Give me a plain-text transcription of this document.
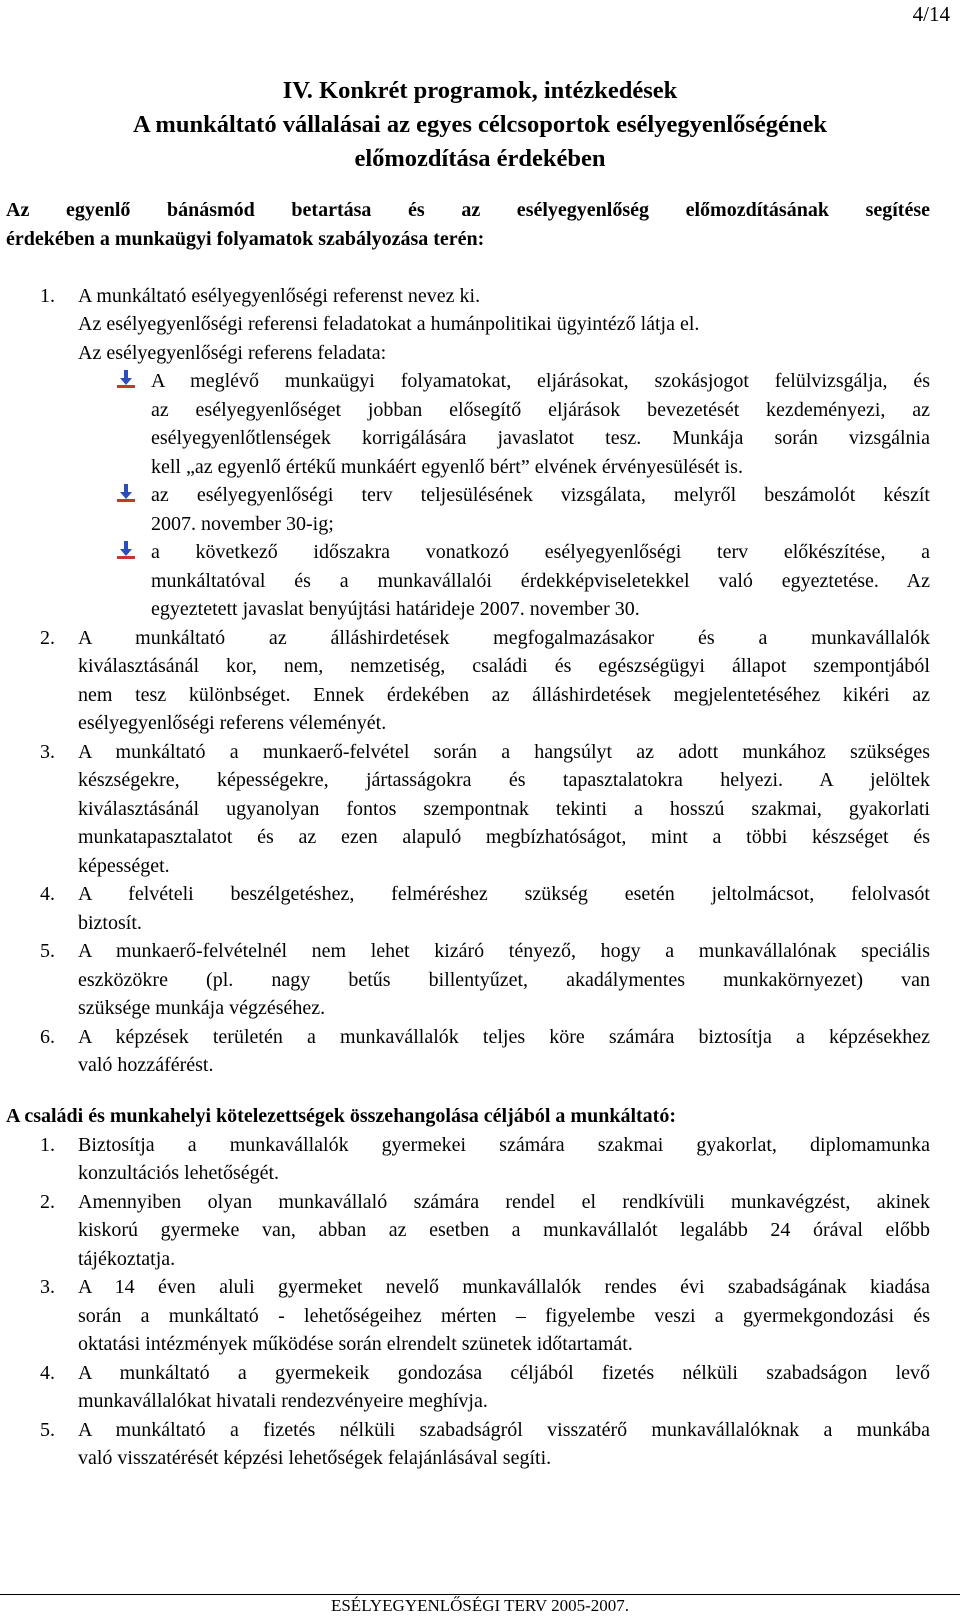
4/14
IV. Konkrét programok, intézkedések
A munkáltató vállalásai az egyes célcsoportok esélyegyenlőségének
előmozdítása érdekében
Az egyenlő bánásmód betartása és az esélyegyenlőség előmozdításának segítése
érdekében a munkaügyi folyamatok szabályozása terén:
1. A munkáltató esélyegyenlőségi referenst nevez ki.
Az esélyegyenlőségi referensi feladatokat a humánpolitikai ügyintéző látja el.
Az esélyegyenlőségi referens feladata:
A meglévő munkaügyi folyamatokat, eljárásokat, szokásjogot felülvizsgálja, és
az esélyegyenlőséget jobban elősegítő eljárások bevezetését kezdeményezi, az
esélyegyenlőtlenségek korrigálására javaslatot tesz. Munkája során vizsgálnia
kell „az egyenlő értékű munkáért egyenlő bért” elvének érvényesülését is.
az esélyegyenlőségi terv teljesülésének vizsgálata, melyről beszámolót készít
2007. november 30-ig;
a következő időszakra vonatkozó esélyegyenlőségi terv előkészítése, a
munkáltatóval és a munkavállalói érdekképviseletekkel való egyeztetése. Az
egyeztetett javaslat benyújtási határideje 2007. november 30.
2. A munkáltató az álláshirdetések megfogalmazásakor és a munkavállalók
kiválasztásánál kor, nem, nemzetiség, családi és egészségügyi állapot szempontjából
nem tesz különbséget. Ennek érdekében az álláshirdetések megjelentetéséhez kikéri az
esélyegyenlőségi referens véleményét.
3. A munkáltató a munkaerő-felvétel során a hangsúlyt az adott munkához szükséges
készségekre, képességekre, jártasságokra és tapasztalatokra helyezi. A jelöltek
kiválasztásánál ugyanolyan fontos szempontnak tekinti a hosszú szakmai, gyakorlati
munkatapasztalatot és az ezen alapuló megbízhatóságot, mint a többi készséget és
képességet.
4. A felvételi beszélgetéshez, felméréshez szükség esetén jeltolmácsot, felolvasót
biztosít.
5. A munkaerő-felvételnél nem lehet kizáró tényező, hogy a munkavállalónak speciális
eszközökre (pl. nagy betűs billentyűzet, akadálymentes munkakörnyezet) van
szüksége munkája végzéséhez.
6. A képzések területén a munkavállalók teljes köre számára biztosítja a képzésekhez
való hozzáférést.
A családi és munkahelyi kötelezettségek összehangolása céljából a munkáltató:
1. Biztosítja a munkavállalók gyermekei számára szakmai gyakorlat, diplomamunka
konzultációs lehetőségét.
2. Amennyiben olyan munkavállaló számára rendel el rendkívüli munkavégzést, akinek
kiskorú gyermeke van, abban az esetben a munkavállalót legalább 24 órával előbb
tájékoztatja.
3. A 14 éven aluli gyermeket nevelő munkavállalók rendes évi szabadságának kiadása
során a munkáltató - lehetőségeihez mérten – figyelembe veszi a gyermekgondozási és
oktatási intézmények működése során elrendelt szünetek időtartamát.
4. A munkáltató a gyermekeik gondozása céljából fizetés nélküli szabadságon levő
munkavállalókat hivatali rendezvényeire meghívja.
5. A munkáltató a fizetés nélküli szabadságról visszatérő munkavállalóknak a munkába
való visszatérését képzési lehetőségek felajánlásával segíti.
ESÉLYEGYENLŐSÉGI TERV 2005-2007.
